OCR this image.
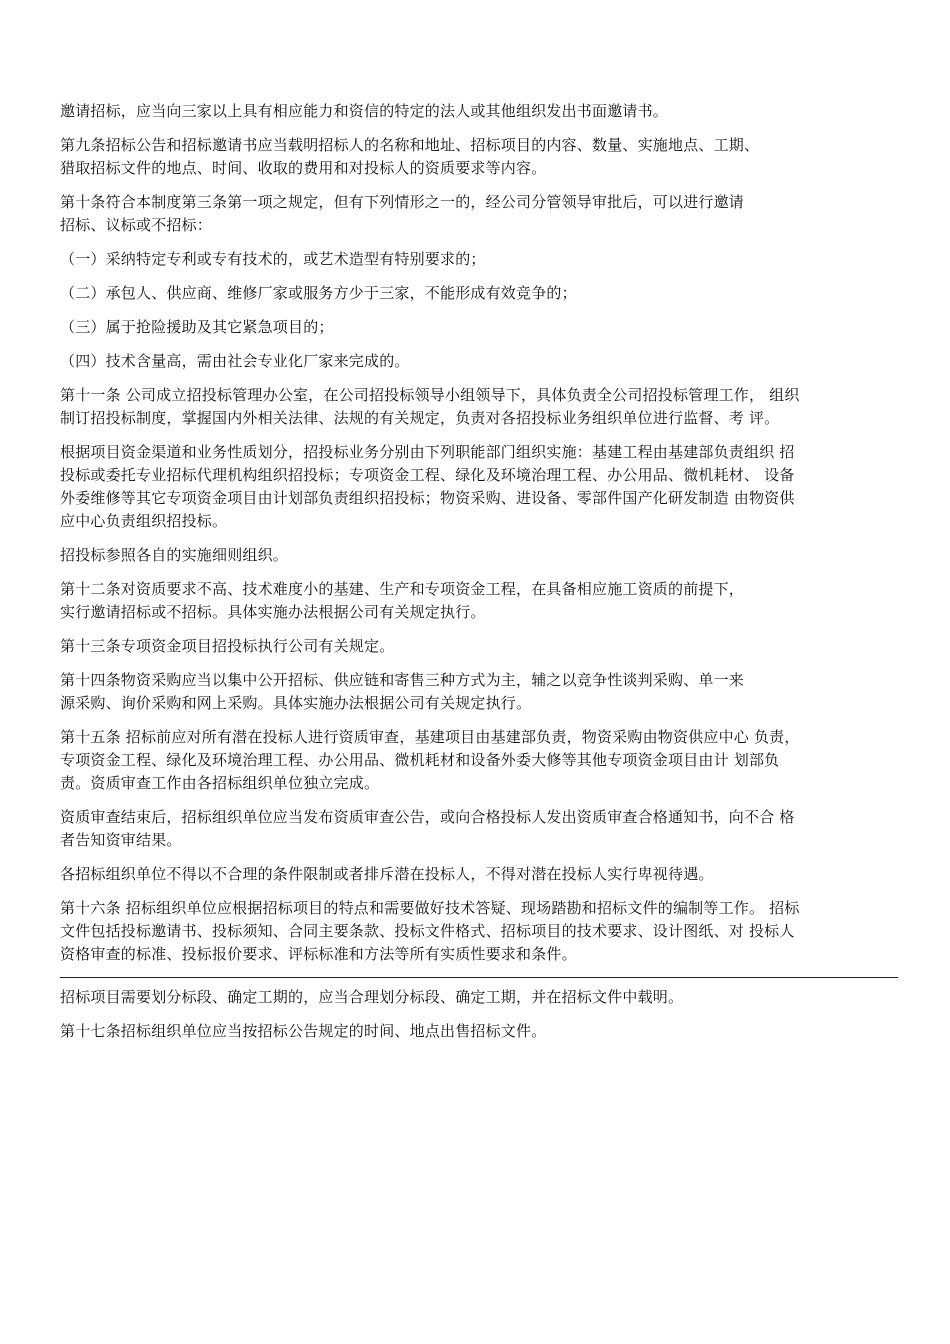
邀请招标，应当向三家以上具有相应能力和资信的特定的法人或其他组织发出书面邀请书。

第九条招标公告和招标邀请书应当载明招标人的名称和地址、招标项目的内容、数量、实施地点、工期、
猎取招标文件的地点、时间、收取的费用和对投标人的资质要求等内容。

第十条符合本制度第三条第一项之规定，但有下列情形之一的，经公司分管领导审批后，可以进行邀请
招标、议标或不招标：

（一）采纳特定专利或专有技术的，或艺术造型有特别要求的；

（二）承包人、供应商、维修厂家或服务方少于三家，不能形成有效竞争的；

（三）属于抢险援助及其它紧急项目的；

（四）技术含量高，需由社会专业化厂家来完成的。

第十一条 公司成立招投标管理办公室，在公司招投标领导小组领导下，具体负责全公司招投标管理工作， 组织
制订招投标制度，掌握国内外相关法律、法规的有关规定，负责对各招投标业务组织单位进行监督、考 评。

根据项目资金渠道和业务性质划分，招投标业务分别由下列职能部门组织实施：基建工程由基建部负责组织 招
投标或委托专业招标代理机构组织招投标；专项资金工程、绿化及环境治理工程、办公用品、微机耗材、 设备
外委维修等其它专项资金项目由计划部负责组织招投标；物资采购、进设备、零部件国产化研发制造 由物资供
应中心负责组织招投标。

招投标参照各自的实施细则组织。

第十二条对资质要求不高、技术难度小的基建、生产和专项资金工程，在具备相应施工资质的前提下，
实行邀请招标或不招标。具体实施办法根据公司有关规定执行。

第十三条专项资金项目招投标执行公司有关规定。

第十四条物资采购应当以集中公开招标、供应链和寄售三种方式为主，辅之以竞争性谈判采购、单一来
源采购、询价采购和网上采购。具体实施办法根据公司有关规定执行。

第十五条 招标前应对所有潜在投标人进行资质审查，基建项目由基建部负责，物资采购由物资供应中心 负责，
专项资金工程、绿化及环境治理工程、办公用品、微机耗材和设备外委大修等其他专项资金项目由计 划部负
责。资质审查工作由各招标组织单位独立完成。

资质审查结束后，招标组织单位应当发布资质审查公告，或向合格投标人发出资质审查合格通知书，向不合 格
者告知资审结果。

各招标组织单位不得以不合理的条件限制或者排斥潜在投标人，不得对潜在投标人实行卑视待遇。

第十六条 招标组织单位应根据招标项目的特点和需要做好技术答疑、现场踏勘和招标文件的编制等工作。 招标
文件包括投标邀请书、投标须知、合同主要条款、投标文件格式、招标项目的技术要求、设计图纸、对 投标人
资格审查的标准、投标报价要求、评标标准和方法等所有实质性要求和条件。

招标项目需要划分标段、确定工期的，应当合理划分标段、确定工期，并在招标文件中载明。

第十七条招标组织单位应当按招标公告规定的时间、地点出售招标文件。
